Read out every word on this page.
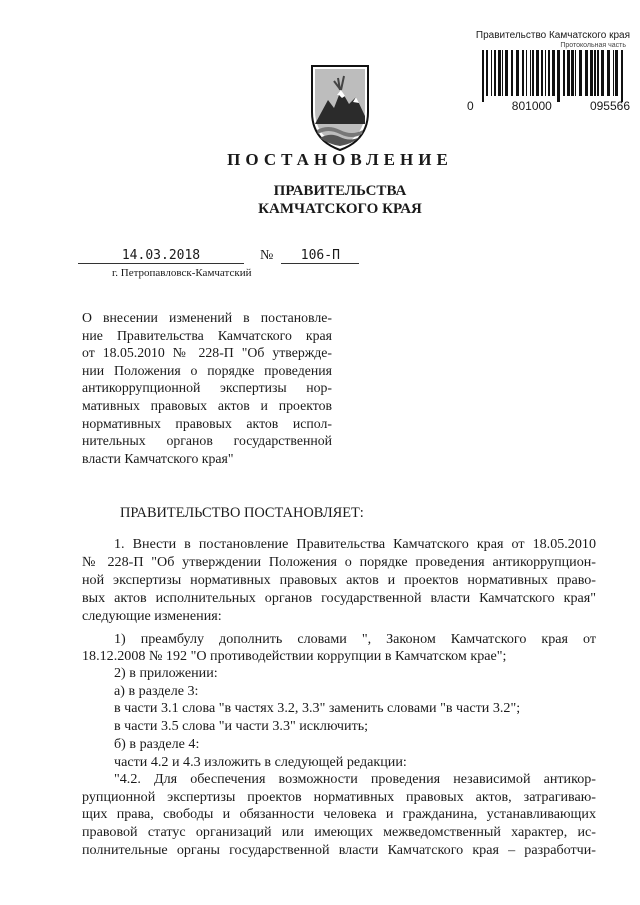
Правительство Камчатского края
Протокольная часть
0	801000	095566
ПОСТАНОВЛЕНИЕ
ПРАВИТЕЛЬСТВА
КАМЧАТСКОГО КРАЯ
14.03.2018	№	106-П
г. Петропавловск-Камчатский
О внесении изменений в постановле-
ние Правительства Камчатского края
от 18.05.2010 № 228-П "Об утвержде-
нии Положения о порядке проведения
антикоррупционной экспертизы нор-
мативных правовых актов и проектов
нормативных правовых актов испол-
нительных органов государственной
власти Камчатского края"
ПРАВИТЕЛЬСТВО ПОСТАНОВЛЯЕТ:
1. Внести в постановление Правительства Камчатского края от 18.05.2010
№ 228-П "Об утверждении Положения о порядке проведения антикоррупцион-
ной экспертизы нормативных правовых актов и проектов нормативных право-
вых актов исполнительных органов государственной власти Камчатского края"
следующие изменения:
1) преамбулу дополнить словами ", Законом Камчатского края от
18.12.2008 № 192 "О противодействии коррупции в Камчатском крае";
2) в приложении:
а) в разделе 3:
в части 3.1 слова "в частях 3.2, 3.3" заменить словами "в части 3.2";
в части 3.5 слова "и части 3.3" исключить;
б) в разделе 4:
части 4.2 и 4.3 изложить в следующей редакции:
"4.2. Для обеспечения возможности проведения независимой антикор-
рупционной экспертизы проектов нормативных правовых актов, затрагиваю-
щих права, свободы и обязанности человека и гражданина, устанавливающих
правовой статус организаций или имеющих межведомственный характер, ис-
полнительные органы государственной власти Камчатского края – разработчи-
